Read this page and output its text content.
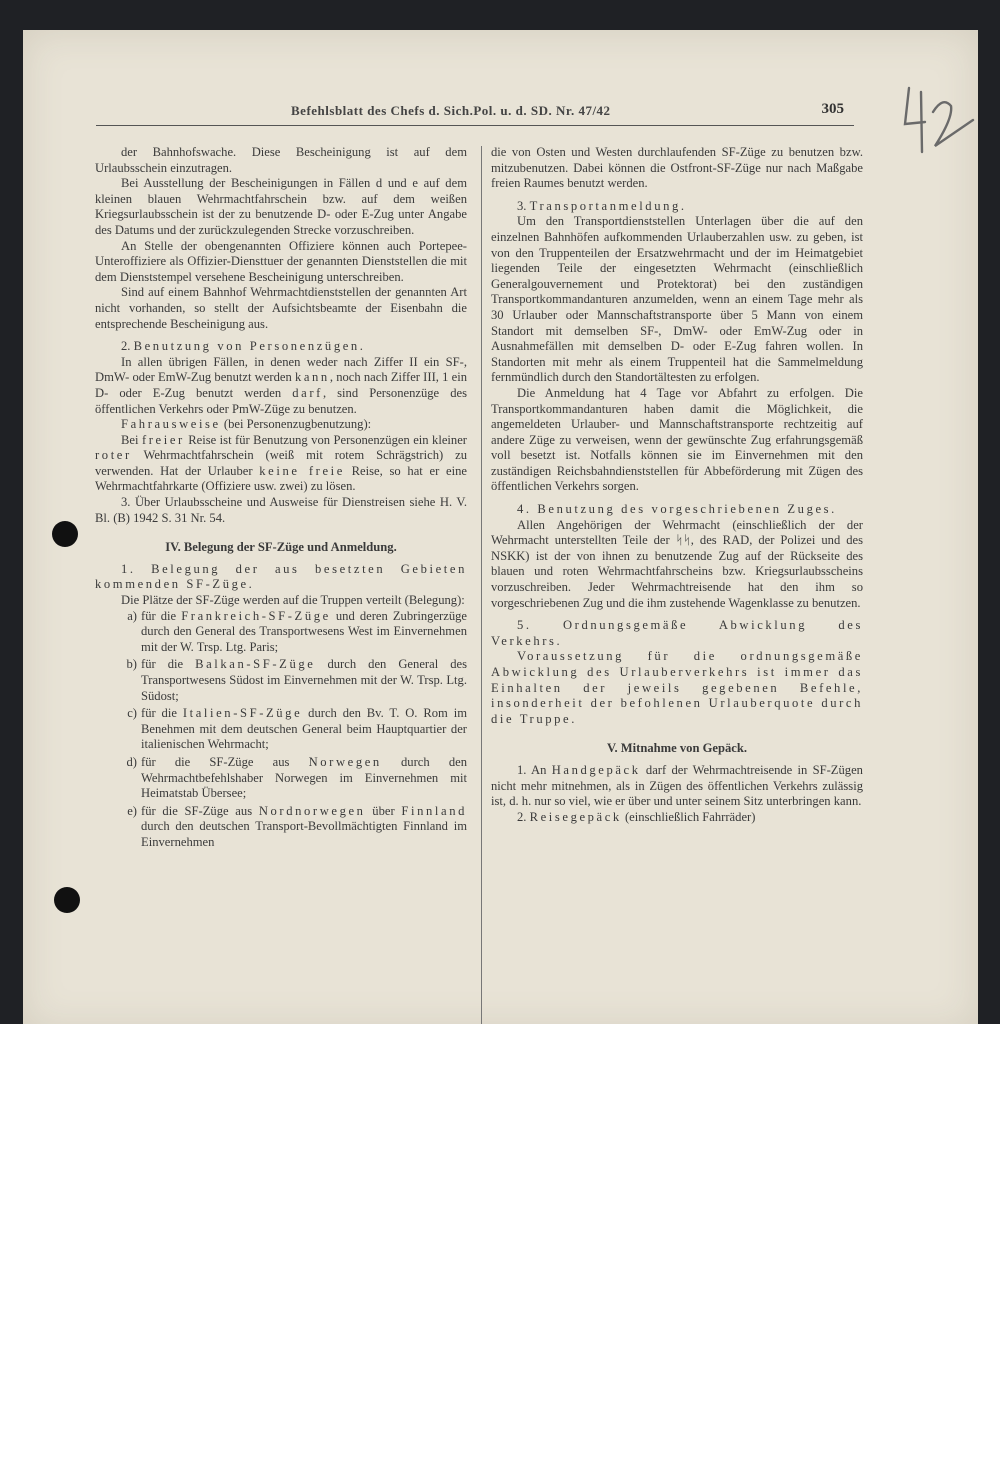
Befehlsblatt des Chefs d. Sich.Pol. u. d. SD. Nr. 47/42	305

der Bahnhofswache. Diese Bescheinigung ist auf dem Urlaubsschein einzutragen.

Bei Ausstellung der Bescheinigungen in Fällen d und e auf dem kleinen blauen Wehrmachtfahrschein bzw. auf dem weißen Kriegsurlaubsschein ist der zu benutzende D- oder E-Zug unter Angabe des Datums und der zurückzulegenden Strecke vorzuschreiben.

An Stelle der obengenannten Offiziere können auch Portepee-Unteroffiziere als Offizier-Diensttuer der genannten Dienststellen die mit dem Dienststempel versehene Bescheinigung unterschreiben.

Sind auf einem Bahnhof Wehrmachtdienststellen der genannten Art nicht vorhanden, so stellt der Aufsichtsbeamte der Eisenbahn die entsprechende Bescheinigung aus.

2. Benutzung von Personenzügen.

In allen übrigen Fällen, in denen weder nach Ziffer II ein SF-, DmW- oder EmW-Zug benutzt werden kann, noch nach Ziffer III, 1 ein D- oder E-Zug benutzt werden darf, sind Personenzüge des öffentlichen Verkehrs oder PmW-Züge zu benutzen.

Fahrausweise (bei Personenzugbenutzung):

Bei freier Reise ist für Benutzung von Personenzügen ein kleiner roter Wehrmachtfahrschein (weiß mit rotem Schrägstrich) zu verwenden. Hat der Urlauber keine freie Reise, so hat er eine Wehrmachtfahrkarte (Offiziere usw. zwei) zu lösen.

3. Über Urlaubsscheine und Ausweise für Dienstreisen siehe H. V. Bl. (B) 1942 S. 31 Nr. 54.

IV. Belegung der SF-Züge und Anmeldung.

1. Belegung der aus besetzten Gebieten kommenden SF-Züge.

Die Plätze der SF-Züge werden auf die Truppen verteilt (Belegung):

a) für die Frankreich-SF-Züge und deren Zubringerzüge durch den General des Transportwesens West im Einvernehmen mit der W. Trsp. Ltg. Paris;
b) für die Balkan-SF-Züge durch den General des Transportwesens Südost im Einvernehmen mit der W. Trsp. Ltg. Südost;
c) für die Italien-SF-Züge durch den Bv. T. O. Rom im Benehmen mit dem deutschen General beim Hauptquartier der italienischen Wehrmacht;
d) für die SF-Züge aus Norwegen durch den Wehrmachtbefehlshaber Norwegen im Einvernehmen mit Heimatstab Übersee;
e) für die SF-Züge aus Nordnorwegen über Finnland durch den deutschen Transport-Bevollmächtigten Finnland im Einvernehmen

die von Osten und Westen durchlaufenden SF-Züge zu benutzen bzw. mitzubenutzen. Dabei können die Ostfront-SF-Züge nur nach Maßgabe freien Raumes benutzt werden.

3. Transportanmeldung.

Um den Transportdienststellen Unterlagen über die auf den einzelnen Bahnhöfen aufkommenden Urlauberzahlen usw. zu geben, ist von den Truppenteilen der Ersatzwehrmacht und der im Heimatgebiet liegenden Teile der eingesetzten Wehrmacht (einschließlich Generalgouvernement und Protektorat) bei den zuständigen Transportkommandanturen anzumelden, wenn an einem Tage mehr als 30 Urlauber oder Mannschaftstransporte über 5 Mann von einem Standort mit demselben SF-, DmW- oder EmW-Zug oder in Ausnahmefällen mit demselben D- oder E-Zug fahren wollen. In Standorten mit mehr als einem Truppenteil hat die Sammelmeldung fernmündlich durch den Standortältesten zu erfolgen.

Die Anmeldung hat 4 Tage vor Abfahrt zu erfolgen. Die Transportkommandanturen haben damit die Möglichkeit, die angemeldeten Urlauber- und Mannschaftstransporte rechtzeitig auf andere Züge zu verweisen, wenn der gewünschte Zug erfahrungsgemäß voll besetzt ist. Notfalls können sie im Einvernehmen mit den zuständigen Reichsbahndienststellen für Abbeförderung mit Zügen des öffentlichen Verkehrs sorgen.

4. Benutzung des vorgeschriebenen Zuges.

Allen Angehörigen der Wehrmacht (einschließlich der der Wehrmacht unterstellten Teile der ᛋᛋ, des RAD, der Polizei und des NSKK) ist der von ihnen zu benutzende Zug auf der Rückseite des blauen und roten Wehrmachtfahrscheins bzw. Kriegsurlaubsscheins vorzuschreiben. Jeder Wehrmachtreisende hat den ihm so vorgeschriebenen Zug und die ihm zustehende Wagenklasse zu benutzen.

5. Ordnungsgemäße Abwicklung des Verkehrs.

Voraussetzung für die ordnungsgemäße Abwicklung des Urlauberverkehrs ist immer das Einhalten der jeweils gegebenen Befehle, insonderheit der befohlenen Urlauberquote durch die Truppe.

V. Mitnahme von Gepäck.

1. An Handgepäck darf der Wehrmachtreisende in SF-Zügen nicht mehr mitnehmen, als in Zügen des öffentlichen Verkehrs zulässig ist, d. h. nur so viel, wie er über und unter seinem Sitz unterbringen kann.

2. Reisegepäck (einschließlich Fahrräder)
